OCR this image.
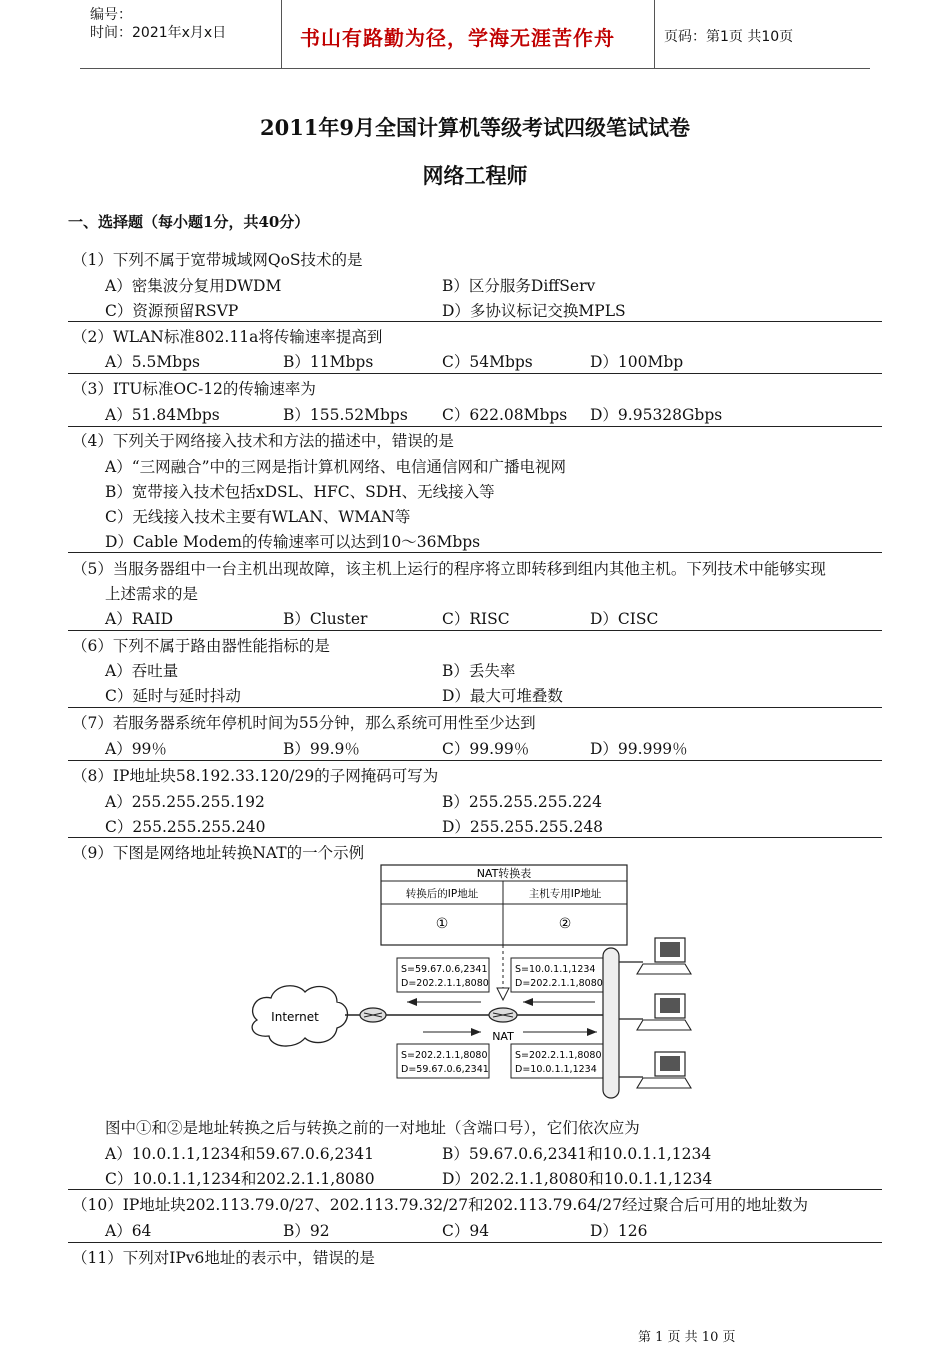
编号：
时间：2021年x月x日	书山有路勤为径，学海无涯苦作舟	页码：第1页 共10页
2011年9月全国计算机等级考试四级笔试试卷
网络工程师
一、选择题（每小题1分，共40分）
（1）下列不属于宽带城域网QoS技术的是
A）密集波分复用DWDM	B）区分服务DiffServ
C）资源预留RSVP	D）多协议标记交换MPLS
（2）WLAN标准802.11a将传输速率提高到
A）5.5Mbps	B）11Mbps	C）54Mbps	D）100Mbp
（3）ITU标准OC-12的传输速率为
A）51.84Mbps	B）155.52Mbps C）622.08Mbps D）9.95328Gbps
（4）下列关于网络接入技术和方法的描述中，错误的是
A）“三网融合”中的三网是指计算机网络、电信通信网和广播电视网
B）宽带接入技术包括xDSL、HFC、SDH、无线接入等
C）无线接入技术主要有WLAN、WMAN等
D）Cable Modem的传输速率可以达到10～36Mbps
（5）当服务器组中一台主机出现故障，该主机上运行的程序将立即转移到组内其他主机。下列技术中能够实现
上述需求的是
A）RAID	B）Cluster	C）RISC	D）CISC
（6）下列不属于路由器性能指标的是
A）吞吐量	B）丢失率
C）延时与延时抖动	D）最大可堆叠数
（7）若服务器系统年停机时间为55分钟，那么系统可用性至少达到
A）99％	B）99.9％	C）99.99％	D）99.999％
（8）IP地址块58.192.33.120/29的子网掩码可写为
A）255.255.255.192	B）255.255.255.224
C）255.255.255.240	D）255.255.255.248
（9）下图是网络地址转换NAT的一个示例
NAT转换表
转换后的IP地址	主机专用IP地址
①	②
Internet
NAT
S=59.67.0.6,2341
D=202.2.1.1,8080
S=10.0.1.1,1234
D=202.2.1.1,8080
S=202.2.1.1,8080
D=59.67.0.6,2341
S=202.2.1.1,8080
D=10.0.1.1,1234
图中①和②是地址转换之后与转换之前的一对地址（含端口号），它们依次应为
A）10.0.1.1,1234和59.67.0.6,2341	B）59.67.0.6,2341和10.0.1.1,1234
C）10.0.1.1,1234和202.2.1.1,8080	D）202.2.1.1,8080和10.0.1.1,1234
（10）IP地址块202.113.79.0/27、202.113.79.32/27和202.113.79.64/27经过聚合后可用的地址数为
A）64	B）92	C）94	D）126
（11）下列对IPv6地址的表示中，错误的是
第 1 页 共 10 页
